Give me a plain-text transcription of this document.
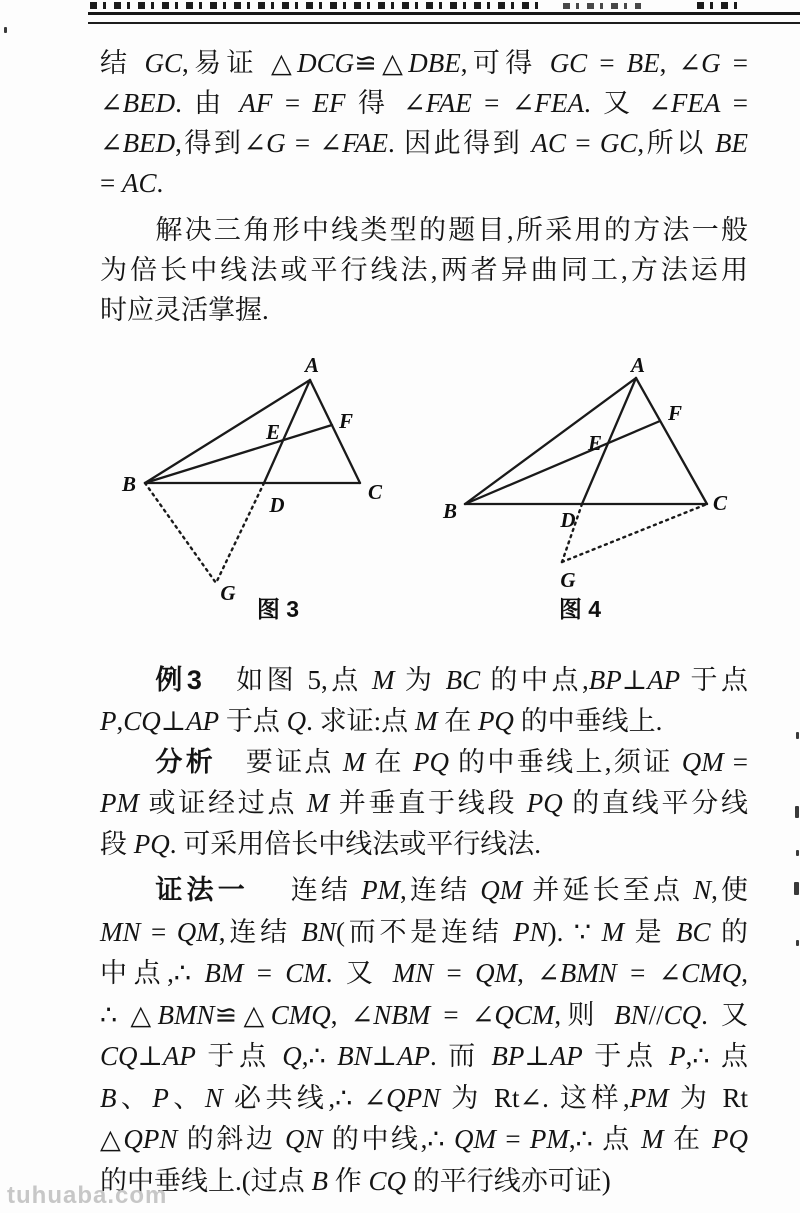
结 GC,易证 △DCG≌△DBE,可得 GC = BE, ∠G =
∠BED. 由 AF = EF 得 ∠FAE = ∠FEA. 又 ∠FEA =
∠BED,得到∠G = ∠FAE. 因此得到 AC = GC,所以 BE
= AC.
解决三角形中线类型的题目,所采用的方法一般
为倍长中线法或平行线法,两者异曲同工,方法运用
时应灵活掌握.
A
B	C
D
E	F
G
图 3
A
B	C
D
E
F
G
图 4
例3 如图 5,点 M 为 BC 的中点,BP⊥AP 于点
P,CQ⊥AP 于点 Q. 求证:点 M 在 PQ 的中垂线上.
分析 要证点 M 在 PQ 的中垂线上,须证 QM =
PM 或证经过点 M 并垂直于线段 PQ 的直线平分线
段 PQ. 可采用倍长中线法或平行线法.
证法一 连结 PM,连结 QM 并延长至点 N,使
MN = QM,连结 BN(而不是连结 PN). ∵ M 是 BC 的
中点,∴ BM = CM. 又 MN = QM, ∠BMN = ∠CMQ,
∴ △BMN≌△CMQ, ∠NBM = ∠QCM,则 BN//CQ. 又
CQ⊥AP 于点 Q,∴ BN⊥AP. 而 BP⊥AP 于点 P,∴ 点
B、P、N 必共线,∴ ∠QPN 为 Rt∠. 这样,PM 为 Rt
△QPN 的斜边 QN 的中线,∴ QM = PM,∴ 点 M 在 PQ
的中垂线上.(过点 B 作 CQ 的平行线亦可证)
tuhuaba.com
